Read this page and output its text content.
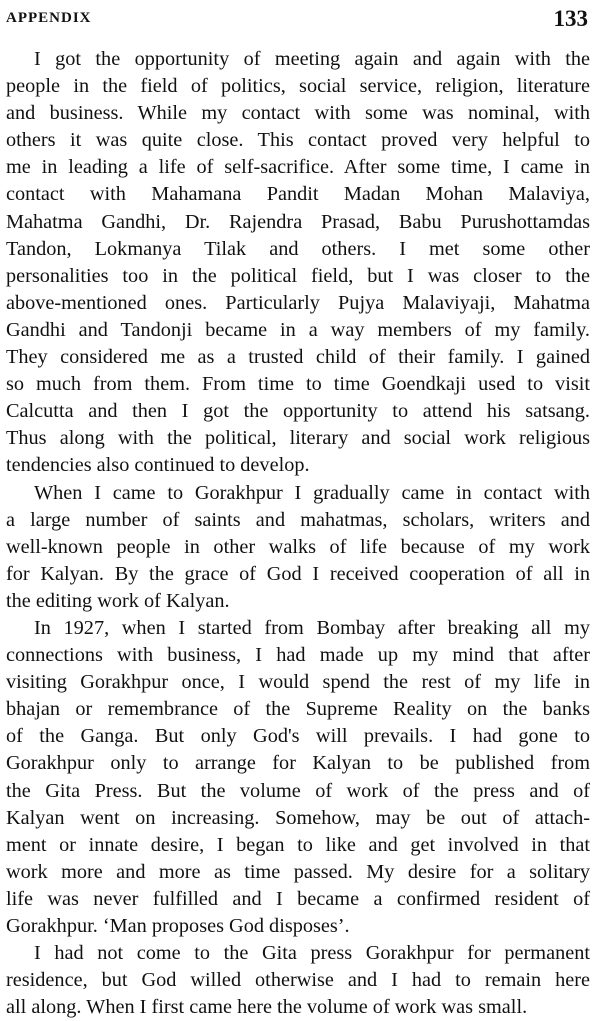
APPENDIX	133

I got the opportunity of meeting again and again with the
people in the field of politics, social service, religion, literature
and business. While my contact with some was nominal, with
others it was quite close. This contact proved very helpful to
me in leading a life of self-sacrifice. After some time, I came in
contact with Mahamana Pandit Madan Mohan Malaviya,
Mahatma Gandhi, Dr. Rajendra Prasad, Babu Purushottamdas
Tandon, Lokmanya Tilak and others. I met some other
personalities too in the political field, but I was closer to the
above-mentioned ones. Particularly Pujya Malaviyaji, Mahatma
Gandhi and Tandonji became in a way members of my family.
They considered me as a trusted child of their family. I gained
so much from them. From time to time Goendkaji used to visit
Calcutta and then I got the opportunity to attend his satsang.
Thus along with the political, literary and social work religious
tendencies also continued to develop.

When I came to Gorakhpur I gradually came in contact with
a large number of saints and mahatmas, scholars, writers and
well-known people in other walks of life because of my work
for Kalyan. By the grace of God I received cooperation of all in
the editing work of Kalyan.

In 1927, when I started from Bombay after breaking all my
connections with business, I had made up my mind that after
visiting Gorakhpur once, I would spend the rest of my life in
bhajan or remembrance of the Supreme Reality on the banks
of the Ganga. But only God's will prevails. I had gone to
Gorakhpur only to arrange for Kalyan to be published from
the Gita Press. But the volume of work of the press and of
Kalyan went on increasing. Somehow, may be out of attach-
ment or innate desire, I began to like and get involved in that
work more and more as time passed. My desire for a solitary
life was never fulfilled and I became a confirmed resident of
Gorakhpur. ‘Man proposes God disposes’.

I had not come to the Gita press Gorakhpur for permanent
residence, but God willed otherwise and I had to remain here
all along. When I first came here the volume of work was small.
